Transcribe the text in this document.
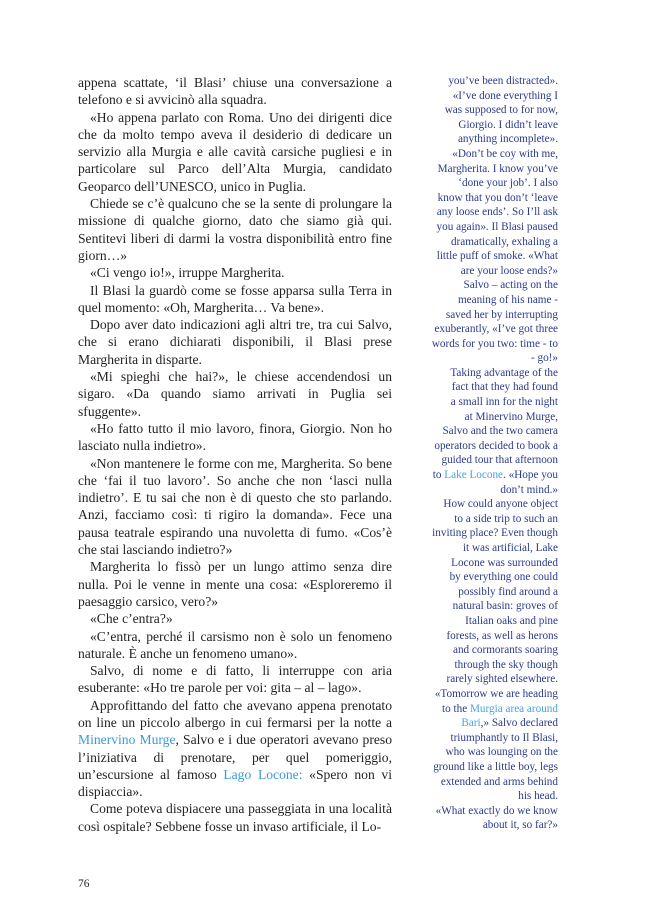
appena scattate, ‘il Blasi’ chiuse una conversazione a telefono e si avvicinò alla squadra.

«Ho appena parlato con Roma. Uno dei dirigenti dice che da molto tempo aveva il desiderio di dedicare un servizio alla Murgia e alle cavità carsiche pugliesi e in particolare sul Parco dell’Alta Murgia, candidato Geoparco dell’UNESCO, unico in Puglia.

Chiede se c’è qualcuno che se la sente di prolungare la missione di qualche giorno, dato che siamo già qui. Sentitevi liberi di darmi la vostra disponibilità entro fine giorn…»

«Ci vengo io!», irruppe Margherita.

Il Blasi la guardò come se fosse apparsa sulla Terra in quel momento: «Oh, Margherita… Va bene».

Dopo aver dato indicazioni agli altri tre, tra cui Salvo, che si erano dichiarati disponibili, il Blasi prese Margherita in disparte.

«Mi spieghi che hai?», le chiese accendendosi un sigaro. «Da quando siamo arrivati in Puglia sei sfuggente».

«Ho fatto tutto il mio lavoro, finora, Giorgio. Non ho lasciato nulla indietro».

«Non mantenere le forme con me, Margherita. So bene che ‘fai il tuo lavoro’. So anche che non ‘lasci nulla indietro’. E tu sai che non è di questo che sto parlando. Anzi, facciamo così: ti rigiro la domanda». Fece una pausa teatrale espirando una nuvoletta di fumo. «Cos’è che stai lasciando indietro?»

Margherita lo fissò per un lungo attimo senza dire nulla. Poi le venne in mente una cosa: «Esploreremo il paesaggio carsico, vero?»

«Che c’entra?»

«C’entra, perché il carsismo non è solo un fenomeno naturale. È anche un fenomeno umano».

Salvo, di nome e di fatto, li interruppe con aria esuberante: «Ho tre parole per voi: gita – al – lago».

Approfittando del fatto che avevano appena prenotato on line un piccolo albergo in cui fermarsi per la notte a Minervino Murge, Salvo e i due operatori avevano preso l’iniziativa di prenotare, per quel pomeriggio, un’escursione al famoso Lago Locone: «Spero non vi dispiaccia».

Come poteva dispiacere una passeggiata in una località così ospitale? Sebbene fosse un invaso artificiale, il Lo-

you’ve been distracted».

«I’ve done everything I

was supposed to for now,

Giorgio. I didn’t leave

anything incomplete».

«Don’t be coy with me,

Margherita. I know you’ve

‘done your job’. I also

know that you don’t ‘leave

any loose ends’. So I’ll ask

you again». Il Blasi paused

dramatically, exhaling a

little puff of smoke. «What

are your loose ends?»

Salvo – acting on the

meaning of his name -

saved her by interrupting

exuberantly, «I’ve got three

words for you two: time - to

- go!»

Taking advantage of the

fact that they had found

a small inn for the night

at Minervino Murge,

Salvo and the two camera

operators decided to book a

guided tour that afternoon

to Lake Locone. «Hope you

don’t mind.»

How could anyone object

to a side trip to such an

inviting place? Even though

it was artificial, Lake

Locone was surrounded

by everything one could

possibly find around a

natural basin: groves of

Italian oaks and pine

forests, as well as herons

and cormorants soaring

through the sky though

rarely sighted elsewhere.

«Tomorrow we are heading

to the Murgia area around

Bari,» Salvo declared

triumphantly to Il Blasi,

who was lounging on the

ground like a little boy, legs

extended and arms behind

his head.

«What exactly do we know

about it, so far?»

76
